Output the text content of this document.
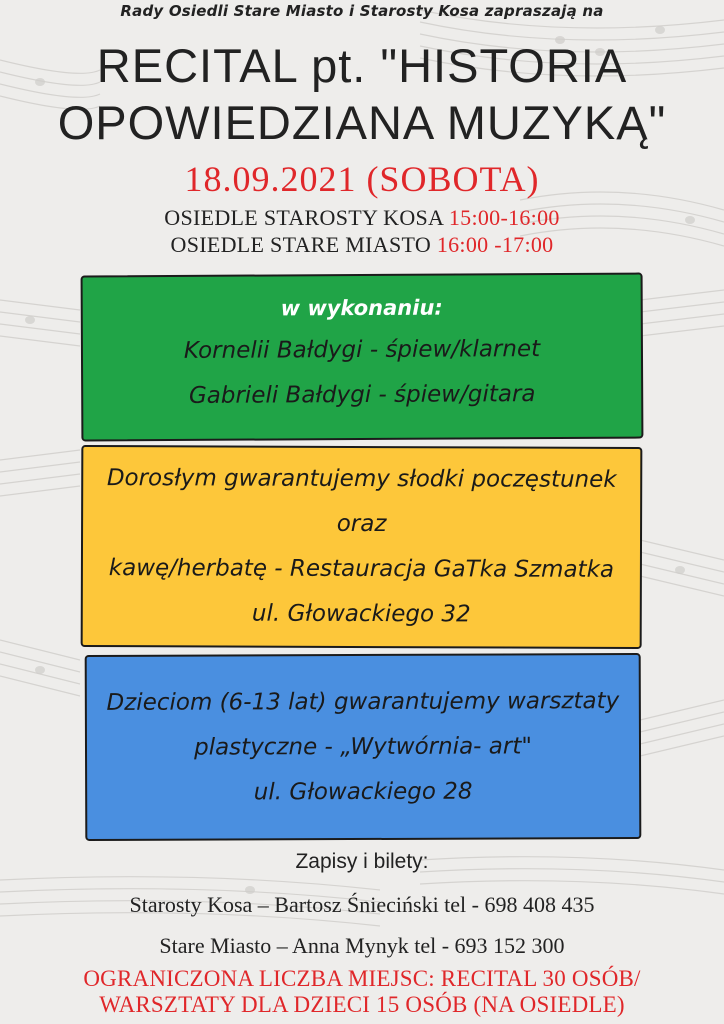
Rady Osiedli Stare Miasto i Starosty Kosa zapraszają na
RECITAL pt. "HISTORIA
OPOWIEDZIANA MUZYKĄ"
18.09.2021 (SOBOTA)
OSIEDLE STAROSTY KOSA 15:00-16:00
OSIEDLE STARE MIASTO 16:00 -17:00
w wykonaniu:
Kornelii Bałdygi - śpiew/klarnet
Gabrieli Bałdygi - śpiew/gitara
Dorosłym gwarantujemy słodki poczęstunek oraz
kawę/herbatę - Restauracja GaTka Szmatka
ul. Głowackiego 32
Dzieciom (6-13 lat) gwarantujemy warsztaty
plastyczne - „Wytwórnia- art"
ul. Głowackiego 28
Zapisy i bilety:
Starosty Kosa – Bartosz Śnieciński tel - 698 408 435
Stare Miasto – Anna Mynyk tel - 693 152 300
OGRANICZONA LICZBA MIEJSC: RECITAL 30 OSÓB/
WARSZTATY DLA DZIECI 15 OSÓB (NA OSIEDLE)
